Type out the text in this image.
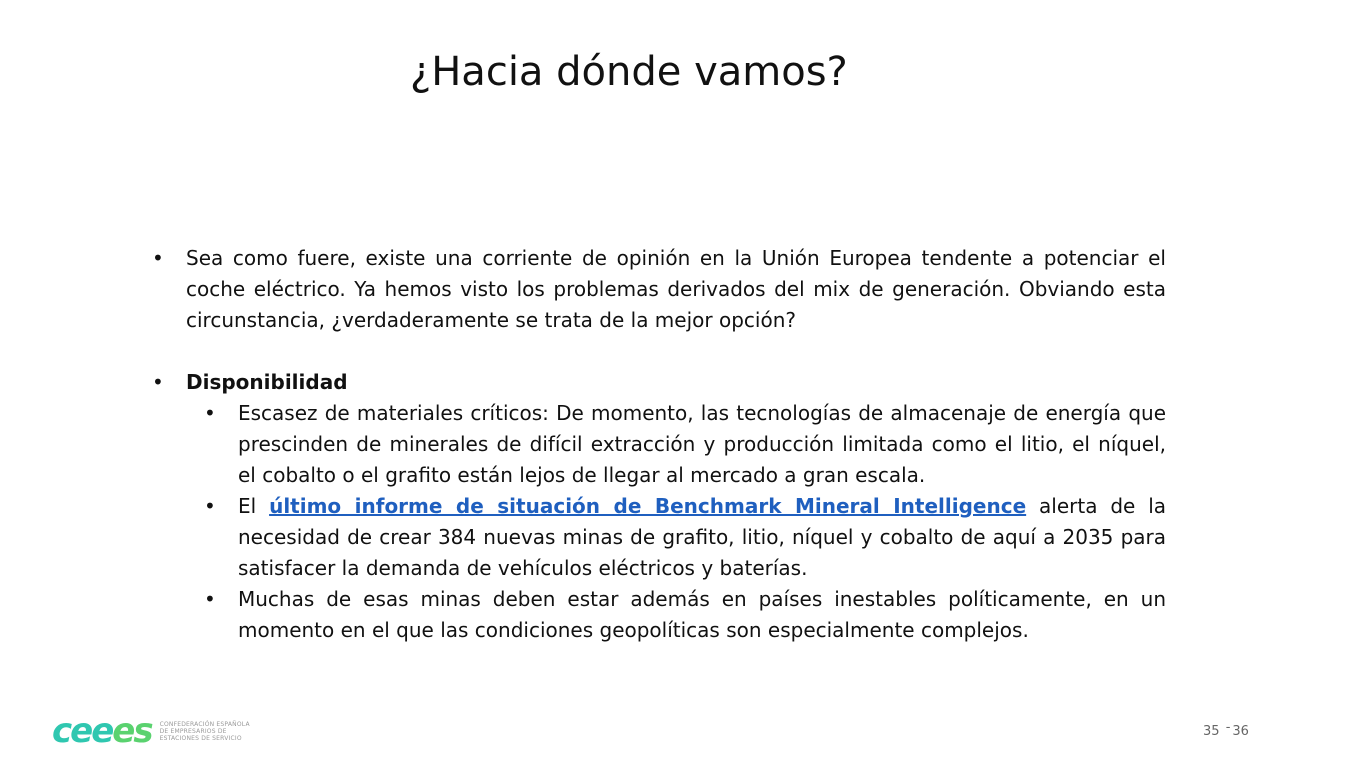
¿Hacia dónde vamos?
• Sea como fuere, existe una corriente de opinión en la Unión Europea tendente a potenciar el coche eléctrico. Ya hemos visto los problemas derivados del mix de generación. Obviando esta circunstancia, ¿verdaderamente se trata de la mejor opción?
• Disponibilidad
• Escasez de materiales críticos: De momento, las tecnologías de almacenaje de energía que prescinden de minerales de difícil extracción y producción limitada como el litio, el níquel, el cobalto o el grafito están lejos de llegar al mercado a gran escala.
• El último informe de situación de Benchmark Mineral Intelligence alerta de la necesidad de crear 384 nuevas minas de grafito, litio, níquel y cobalto de aquí a 2035 para satisfacer la demanda de vehículos eléctricos y baterías.
• Muchas de esas minas deben estar además en países inestables políticamente, en un momento en el que las condiciones geopolíticas son especialmente complejos.
ceees CONFEDERACIÓN ESPAÑOLA
DE EMPRESARIOS DE
ESTACIONES DE SERVICIO	35 - 36
